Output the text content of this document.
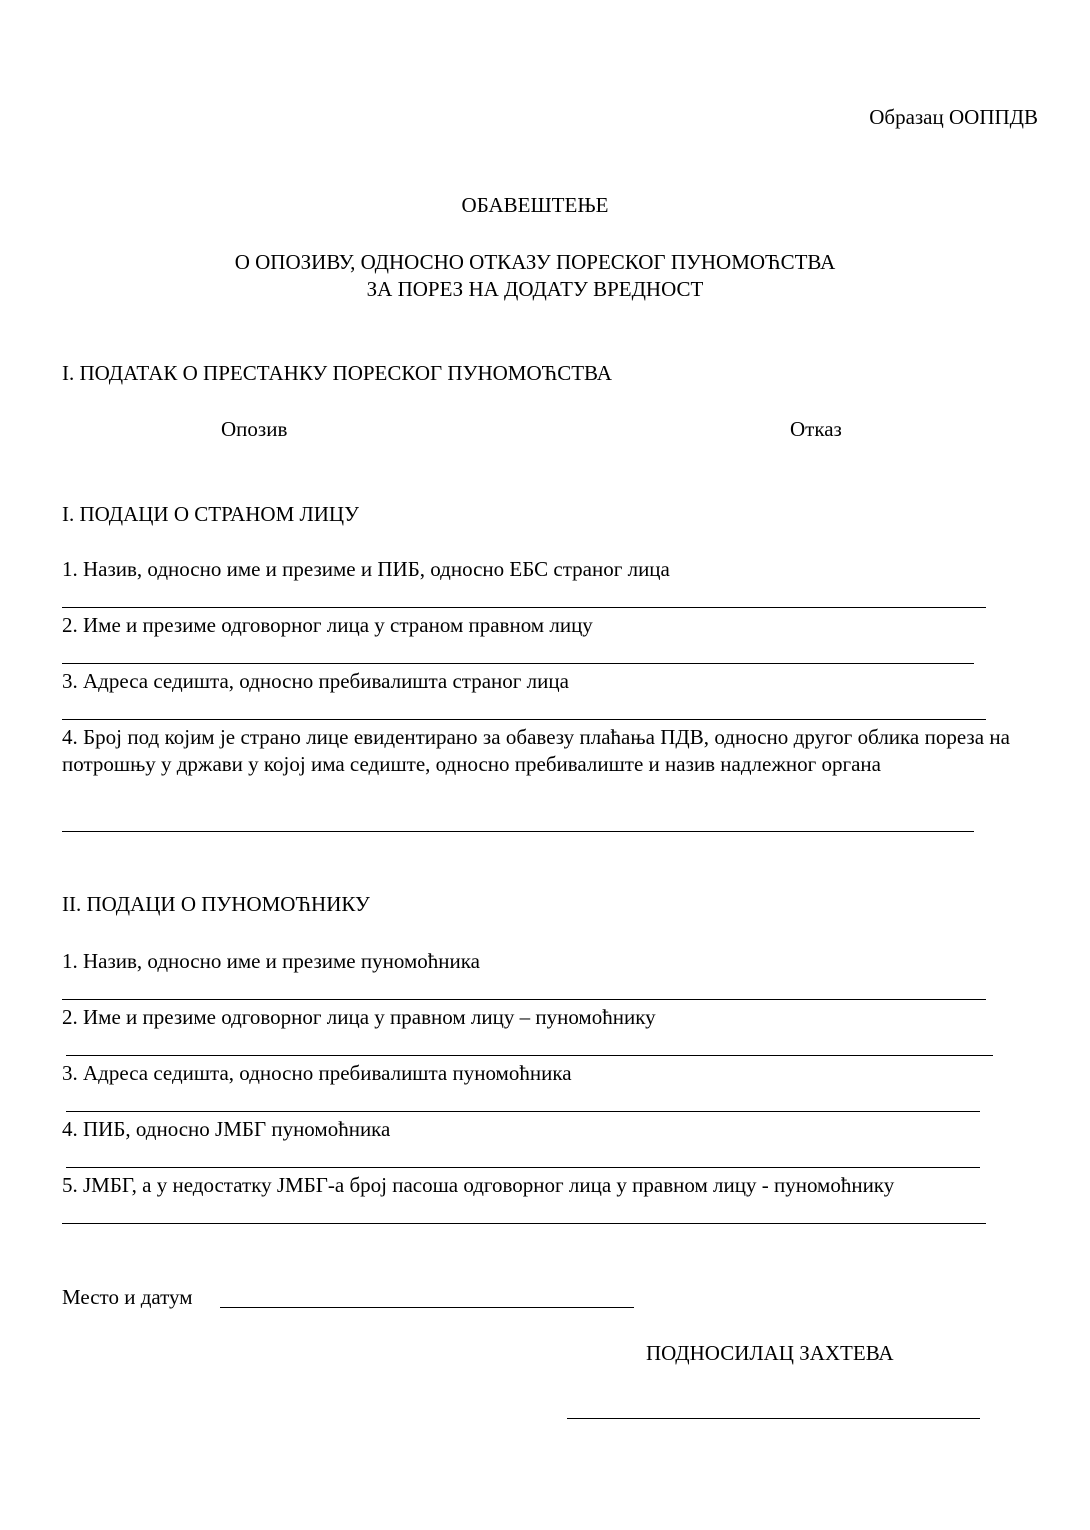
Образац ООППДВ
ОБАВЕШТЕЊЕ
О ОПОЗИВУ, ОДНОСНО ОТКАЗУ ПОРЕСКОГ ПУНОМОЋСТВА
ЗА ПОРЕЗ НА ДОДАТУ ВРЕДНОСТ
I. ПОДАТАК О ПРЕСТАНКУ ПОРЕСКОГ ПУНОМОЋСТВА
Опозив	Отказ
I. ПОДАЦИ О СТРАНОМ ЛИЦУ
1. Назив, односно име и презиме и ПИБ, односно ЕБС страног лица
2. Име и презиме одговорног лица у страном правном лицу
3. Адреса седишта, односно пребивалишта страног лица
4. Број под којим је страно лице евидентирано за обавезу плаћања ПДВ, односно другог облика пореза на потрошњу у држави у којој има седиште, односно пребивалиште и назив надлежног органа
II. ПОДАЦИ О ПУНОМОЋНИКУ
1. Назив, односно име и презиме пуномоћника
2. Име и презиме одговорног лица у правном лицу – пуномоћнику
3. Адреса седишта, односно пребивалишта пуномоћника
4. ПИБ, односно ЈМБГ пуномоћника
5. ЈМБГ, а у недостатку ЈМБГ-а број пасоша одговорног лица у правном лицу - пуномоћнику
Место и датум
ПОДНОСИЛАЦ ЗАХТЕВА
